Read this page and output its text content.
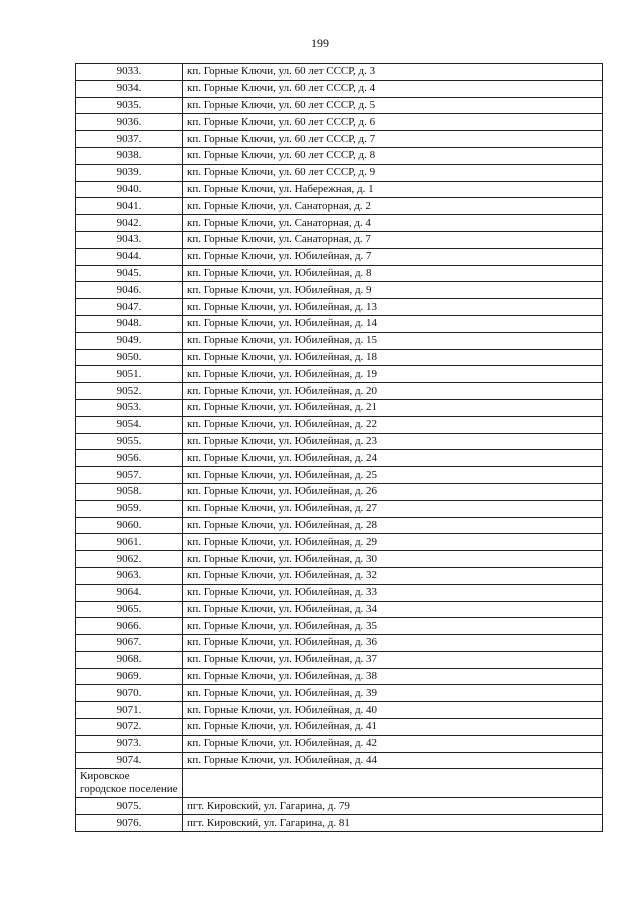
199
9033.	кп. Горные Ключи, ул. 60 лет СССР, д. 3
9034.	кп. Горные Ключи, ул. 60 лет СССР, д. 4
9035.	кп. Горные Ключи, ул. 60 лет СССР, д. 5
9036.	кп. Горные Ключи, ул. 60 лет СССР, д. 6
9037.	кп. Горные Ключи, ул. 60 лет СССР, д. 7
9038.	кп. Горные Ключи, ул. 60 лет СССР, д. 8
9039.	кп. Горные Ключи, ул. 60 лет СССР, д. 9
9040.	кп. Горные Ключи, ул. Набережная, д. 1
9041.	кп. Горные Ключи, ул. Санаторная, д. 2
9042.	кп. Горные Ключи, ул. Санаторная, д. 4
9043.	кп. Горные Ключи, ул. Санаторная, д. 7
9044.	кп. Горные Ключи, ул. Юбилейная, д. 7
9045.	кп. Горные Ключи, ул. Юбилейная, д. 8
9046.	кп. Горные Ключи, ул. Юбилейная, д. 9
9047.	кп. Горные Ключи, ул. Юбилейная, д. 13
9048.	кп. Горные Ключи, ул. Юбилейная, д. 14
9049.	кп. Горные Ключи, ул. Юбилейная, д. 15
9050.	кп. Горные Ключи, ул. Юбилейная, д. 18
9051.	кп. Горные Ключи, ул. Юбилейная, д. 19
9052.	кп. Горные Ключи, ул. Юбилейная, д. 20
9053.	кп. Горные Ключи, ул. Юбилейная, д. 21
9054.	кп. Горные Ключи, ул. Юбилейная, д. 22
9055.	кп. Горные Ключи, ул. Юбилейная, д. 23
9056.	кп. Горные Ключи, ул. Юбилейная, д. 24
9057.	кп. Горные Ключи, ул. Юбилейная, д. 25
9058.	кп. Горные Ключи, ул. Юбилейная, д. 26
9059.	кп. Горные Ключи, ул. Юбилейная, д. 27
9060.	кп. Горные Ключи, ул. Юбилейная, д. 28
9061.	кп. Горные Ключи, ул. Юбилейная, д. 29
9062.	кп. Горные Ключи, ул. Юбилейная, д. 30
9063.	кп. Горные Ключи, ул. Юбилейная, д. 32
9064.	кп. Горные Ключи, ул. Юбилейная, д. 33
9065.	кп. Горные Ключи, ул. Юбилейная, д. 34
9066.	кп. Горные Ключи, ул. Юбилейная, д. 35
9067.	кп. Горные Ключи, ул. Юбилейная, д. 36
9068.	кп. Горные Ключи, ул. Юбилейная, д. 37
9069.	кп. Горные Ключи, ул. Юбилейная, д. 38
9070.	кп. Горные Ключи, ул. Юбилейная, д. 39
9071.	кп. Горные Ключи, ул. Юбилейная, д. 40
9072.	кп. Горные Ключи, ул. Юбилейная, д. 41
9073.	кп. Горные Ключи, ул. Юбилейная, д. 42
9074.	кп. Горные Ключи, ул. Юбилейная, д. 44
Кировское городское поселение	
9075.	пгт. Кировский, ул. Гагарина, д. 79
9076.	пгт. Кировский, ул. Гагарина, д. 81
